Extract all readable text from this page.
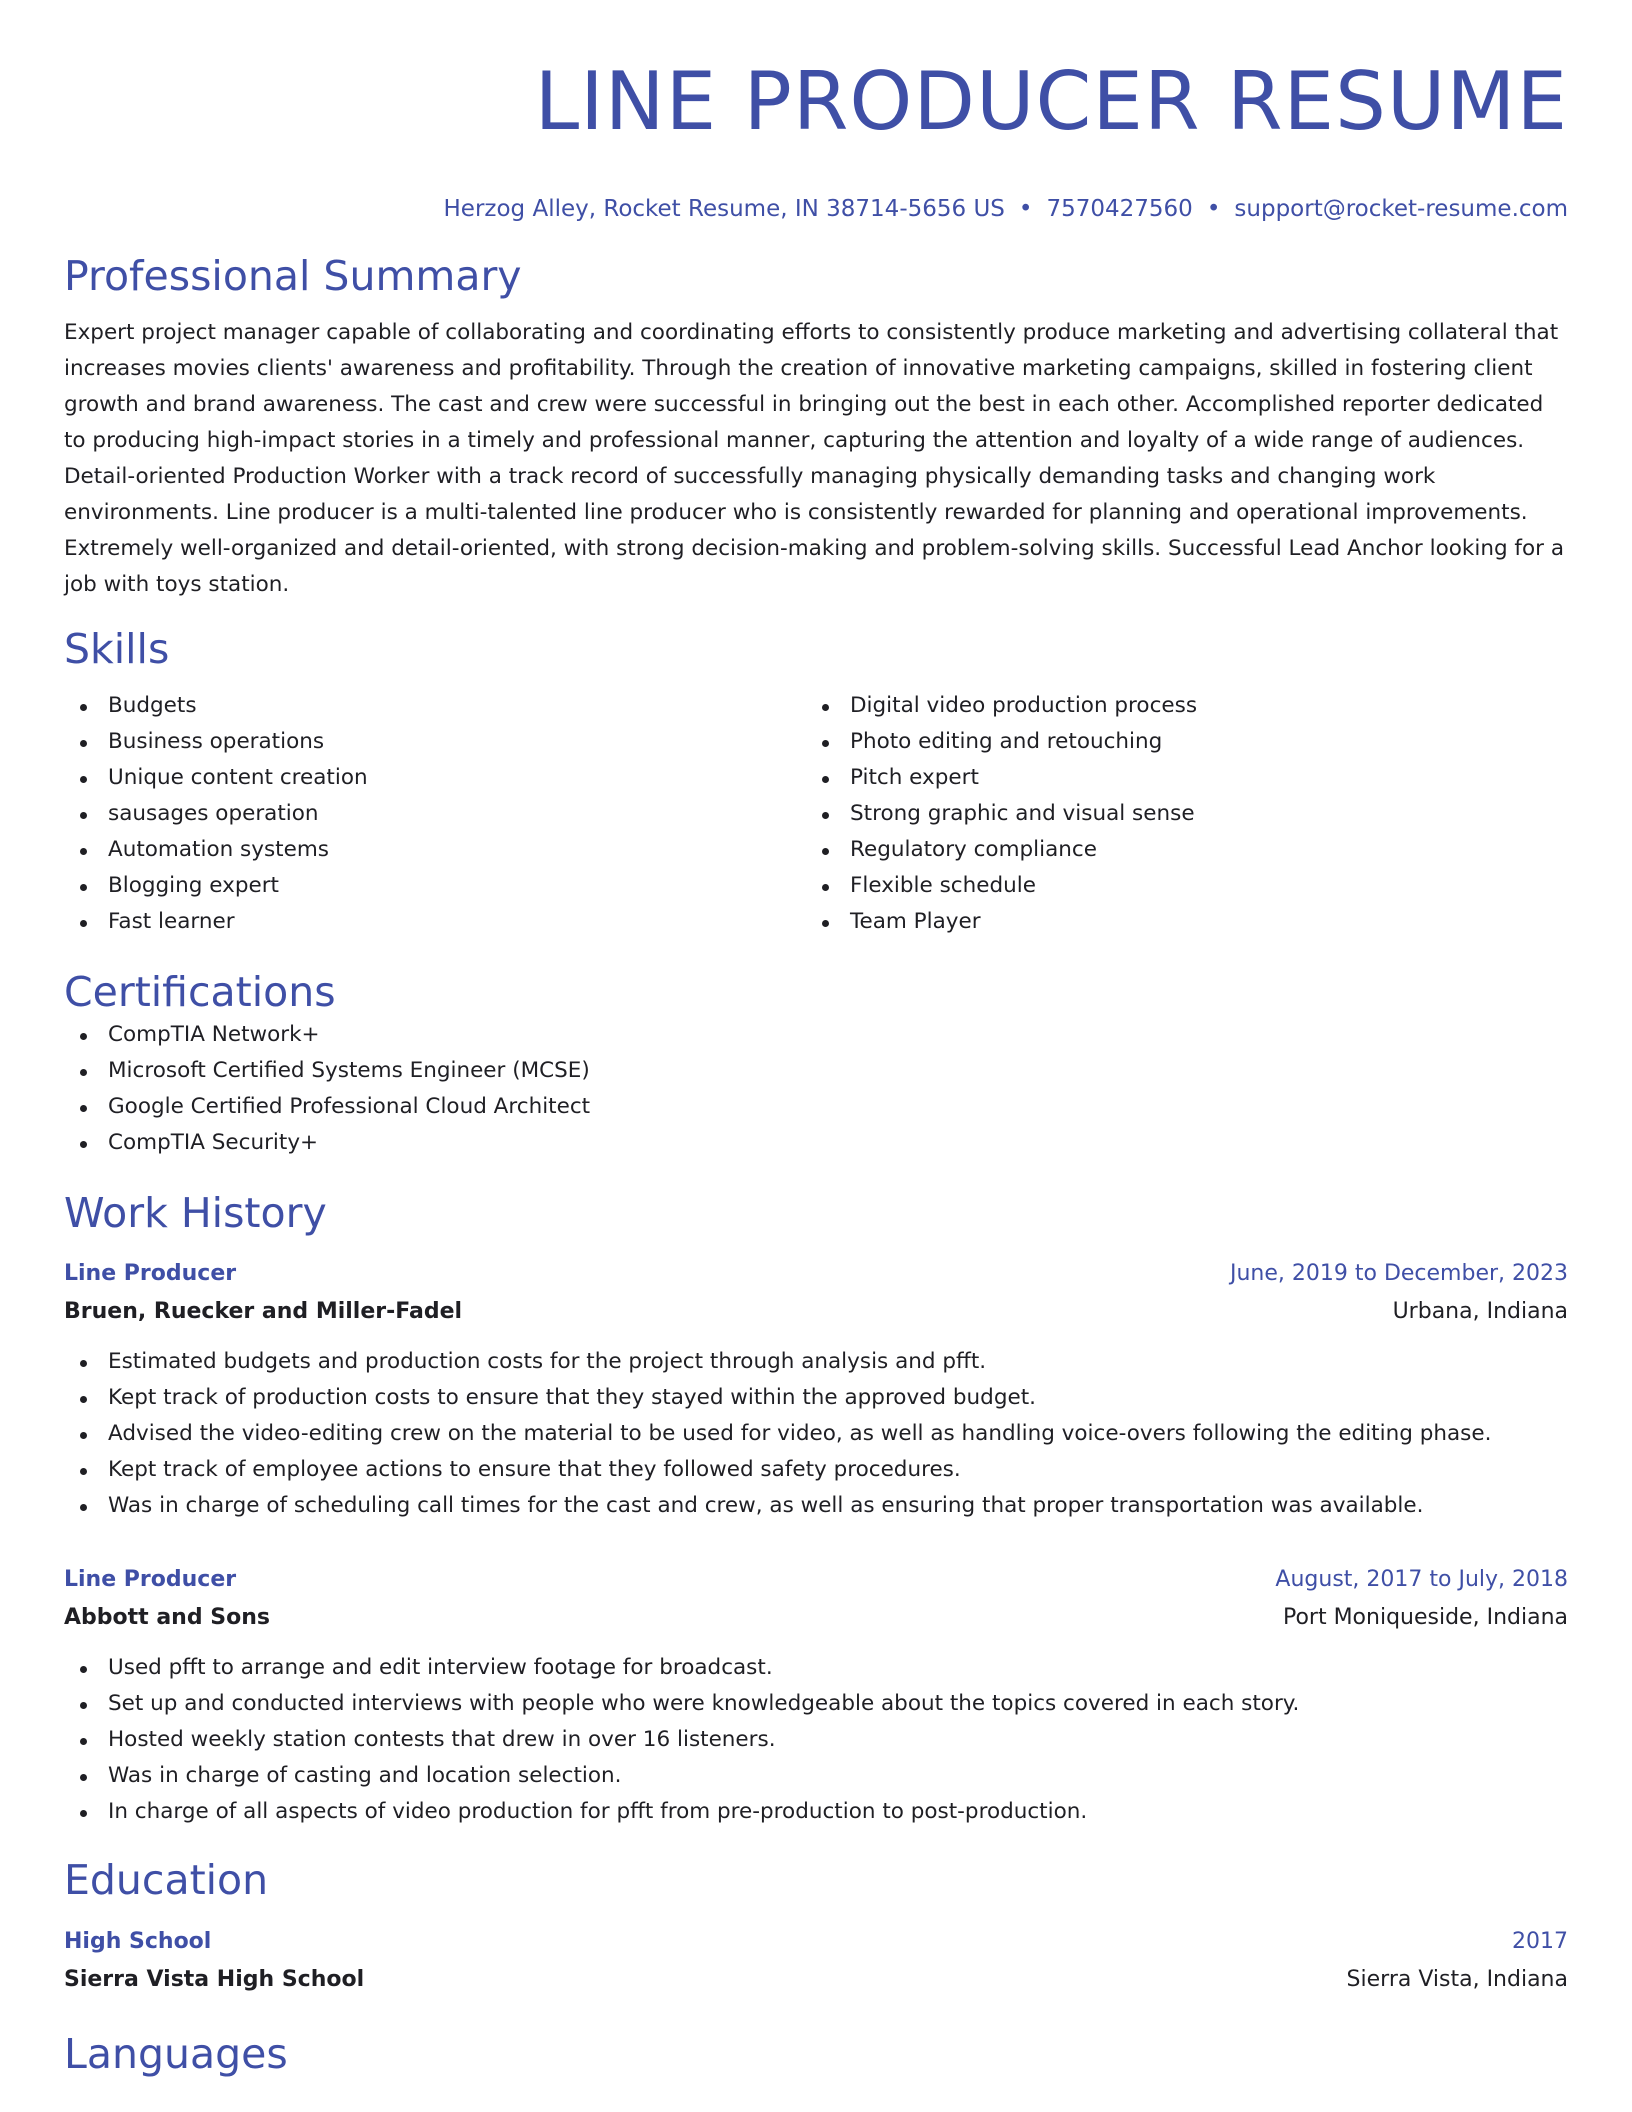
LINE PRODUCER RESUME
Herzog Alley, Rocket Resume, IN 38714-5656 US • 7570427560 • support@rocket-resume.com
Professional Summary

Expert project manager capable of collaborating and coordinating efforts to consistently produce marketing and advertising collateral that increases movies clients' awareness and profitability. Through the creation of innovative marketing campaigns, skilled in fostering client growth and brand awareness. The cast and crew were successful in bringing out the best in each other. Accomplished reporter dedicated to producing high-impact stories in a timely and professional manner, capturing the attention and loyalty of a wide range of audiences. Detail-oriented Production Worker with a track record of successfully managing physically demanding tasks and changing work environments. Line producer is a multi-talented line producer who is consistently rewarded for planning and operational improvements. Extremely well-organized and detail-oriented, with strong decision-making and problem-solving skills. Successful Lead Anchor looking for a job with toys station.

Skills
Budgets
Business operations
Unique content creation
sausages operation
Automation systems
Blogging expert
Fast learner
Digital video production process
Photo editing and retouching
Pitch expert
Strong graphic and visual sense
Regulatory compliance
Flexible schedule
Team Player
Certifications
CompTIA Network+
Microsoft Certified Systems Engineer (MCSE)
Google Certified Professional Cloud Architect
CompTIA Security+
Work History
Line Producer	June, 2019 to December, 2023
Bruen, Ruecker and Miller-Fadel	Urbana, Indiana
Estimated budgets and production costs for the project through analysis and pfft.
Kept track of production costs to ensure that they stayed within the approved budget.
Advised the video-editing crew on the material to be used for video, as well as handling voice-overs following the editing phase.
Kept track of employee actions to ensure that they followed safety procedures.
Was in charge of scheduling call times for the cast and crew, as well as ensuring that proper transportation was available.
Line Producer	August, 2017 to July, 2018
Abbott and Sons	Port Moniqueside, Indiana
Used pfft to arrange and edit interview footage for broadcast.
Set up and conducted interviews with people who were knowledgeable about the topics covered in each story.
Hosted weekly station contests that drew in over 16 listeners.
Was in charge of casting and location selection.
In charge of all aspects of video production for pfft from pre-production to post-production.
Education
High School	2017
Sierra Vista High School	Sierra Vista, Indiana
Languages
